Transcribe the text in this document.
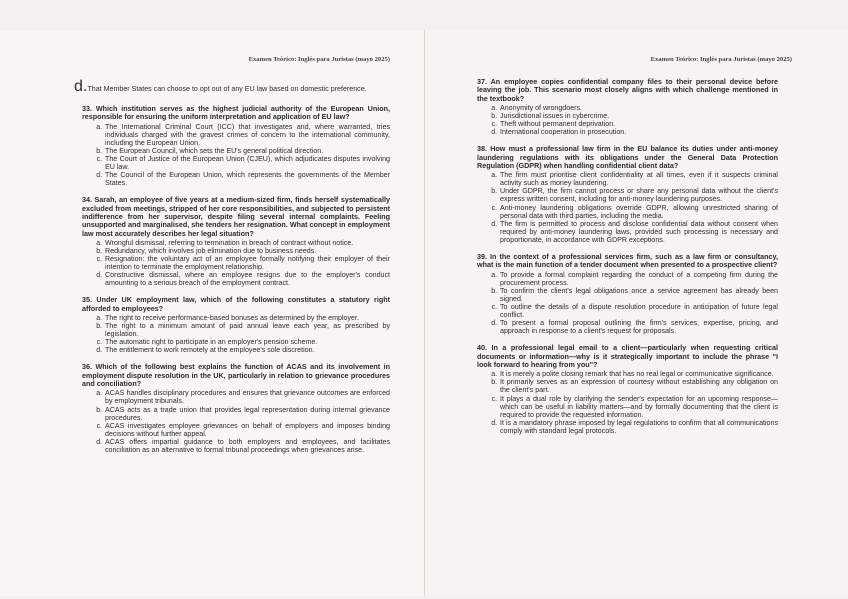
Examen Teórico: Inglés para Juristas (mayo 2025)
d. That Member States can choose to opt out of any EU law based on domestic preference.
33. Which institution serves as the highest judicial authority of the European Union, responsible for ensuring the uniform interpretation and application of EU law?
a. The International Criminal Court (ICC) that investigates and, where warranted, tries individuals charged with the gravest crimes of concern to the international community, including the European Union.
b. The European Council, which sets the EU's general political direction.
c. The Court of Justice of the European Union (CJEU), which adjudicates disputes involving EU law.
d. The Council of the European Union, which represents the governments of the Member States.
34. Sarah, an employee of five years at a medium-sized firm, finds herself systematically excluded from meetings, stripped of her core responsibilities, and subjected to persistent indifference from her supervisor, despite filing several internal complaints. Feeling unsupported and marginalised, she tenders her resignation. What concept in employment law most accurately describes her legal situation?
a. Wrongful dismissal, referring to termination in breach of contract without notice.
b. Redundancy, which involves job elimination due to business needs.
c. Resignation: the voluntary act of an employee formally notifying their employer of their intention to terminate the employment relationship.
d. Constructive dismissal, where an employee resigns due to the employer's conduct amounting to a serious breach of the employment contract.
35. Under UK employment law, which of the following constitutes a statutory right afforded to employees?
a. The right to receive performance-based bonuses as determined by the employer.
b. The right to a minimum amount of paid annual leave each year, as prescribed by legislation.
c. The automatic right to participate in an employer's pension scheme.
d. The entitlement to work remotely at the employee's sole discretion.
36. Which of the following best explains the function of ACAS and its involvement in employment dispute resolution in the UK, particularly in relation to grievance procedures and conciliation?
a. ACAS handles disciplinary procedures and ensures that grievance outcomes are enforced by employment tribunals.
b. ACAS acts as a trade union that provides legal representation during internal grievance procedures.
c. ACAS investigates employee grievances on behalf of employers and imposes binding decisions without further appeal.
d. ACAS offers impartial guidance to both employers and employees, and facilitates conciliation as an alternative to formal tribunal proceedings when grievances arise.
Examen Teórico: Inglés para Juristas (mayo 2025)
37. An employee copies confidential company files to their personal device before leaving the job. This scenario most closely aligns with which challenge mentioned in the textbook?
a. Anonymity of wrongdoers.
b. Jurisdictional issues in cybercrime.
c. Theft without permanent deprivation.
d. International cooperation in prosecution.
38. How must a professional law firm in the EU balance its duties under anti-money laundering regulations with its obligations under the General Data Protection Regulation (GDPR) when handling confidential client data?
a. The firm must prioritise client confidentiality at all times, even if it suspects criminal activity such as money laundering.
b. Under GDPR, the firm cannot process or share any personal data without the client's express written consent, including for anti-money laundering purposes.
c. Anti-money laundering obligations override GDPR, allowing unrestricted sharing of personal data with third parties, including the media.
d. The firm is permitted to process and disclose confidential data without consent when required by anti-money laundering laws, provided such processing is necessary and proportionate, in accordance with GDPR exceptions.
39. In the context of a professional services firm, such as a law firm or consultancy, what is the main function of a tender document when presented to a prospective client?
a. To provide a formal complaint regarding the conduct of a competing firm during the procurement process.
b. To confirm the client's legal obligations once a service agreement has already been signed.
c. To outline the details of a dispute resolution procedure in anticipation of future legal conflict.
d. To present a formal proposal outlining the firm's services, expertise, pricing, and approach in response to a client's request for proposals.
40. In a professional legal email to a client—particularly when requesting critical documents or information—why is it strategically important to include the phrase "I look forward to hearing from you"?
a. It is merely a polite closing remark that has no real legal or communicative significance.
b. It primarily serves as an expression of courtesy without establishing any obligation on the client's part.
c. It plays a dual role by clarifying the sender's expectation for an upcoming response—which can be useful in liability matters—and by formally documenting that the client is required to provide the requested information.
d. It is a mandatory phrase imposed by legal regulations to confirm that all communications comply with standard legal protocols.
